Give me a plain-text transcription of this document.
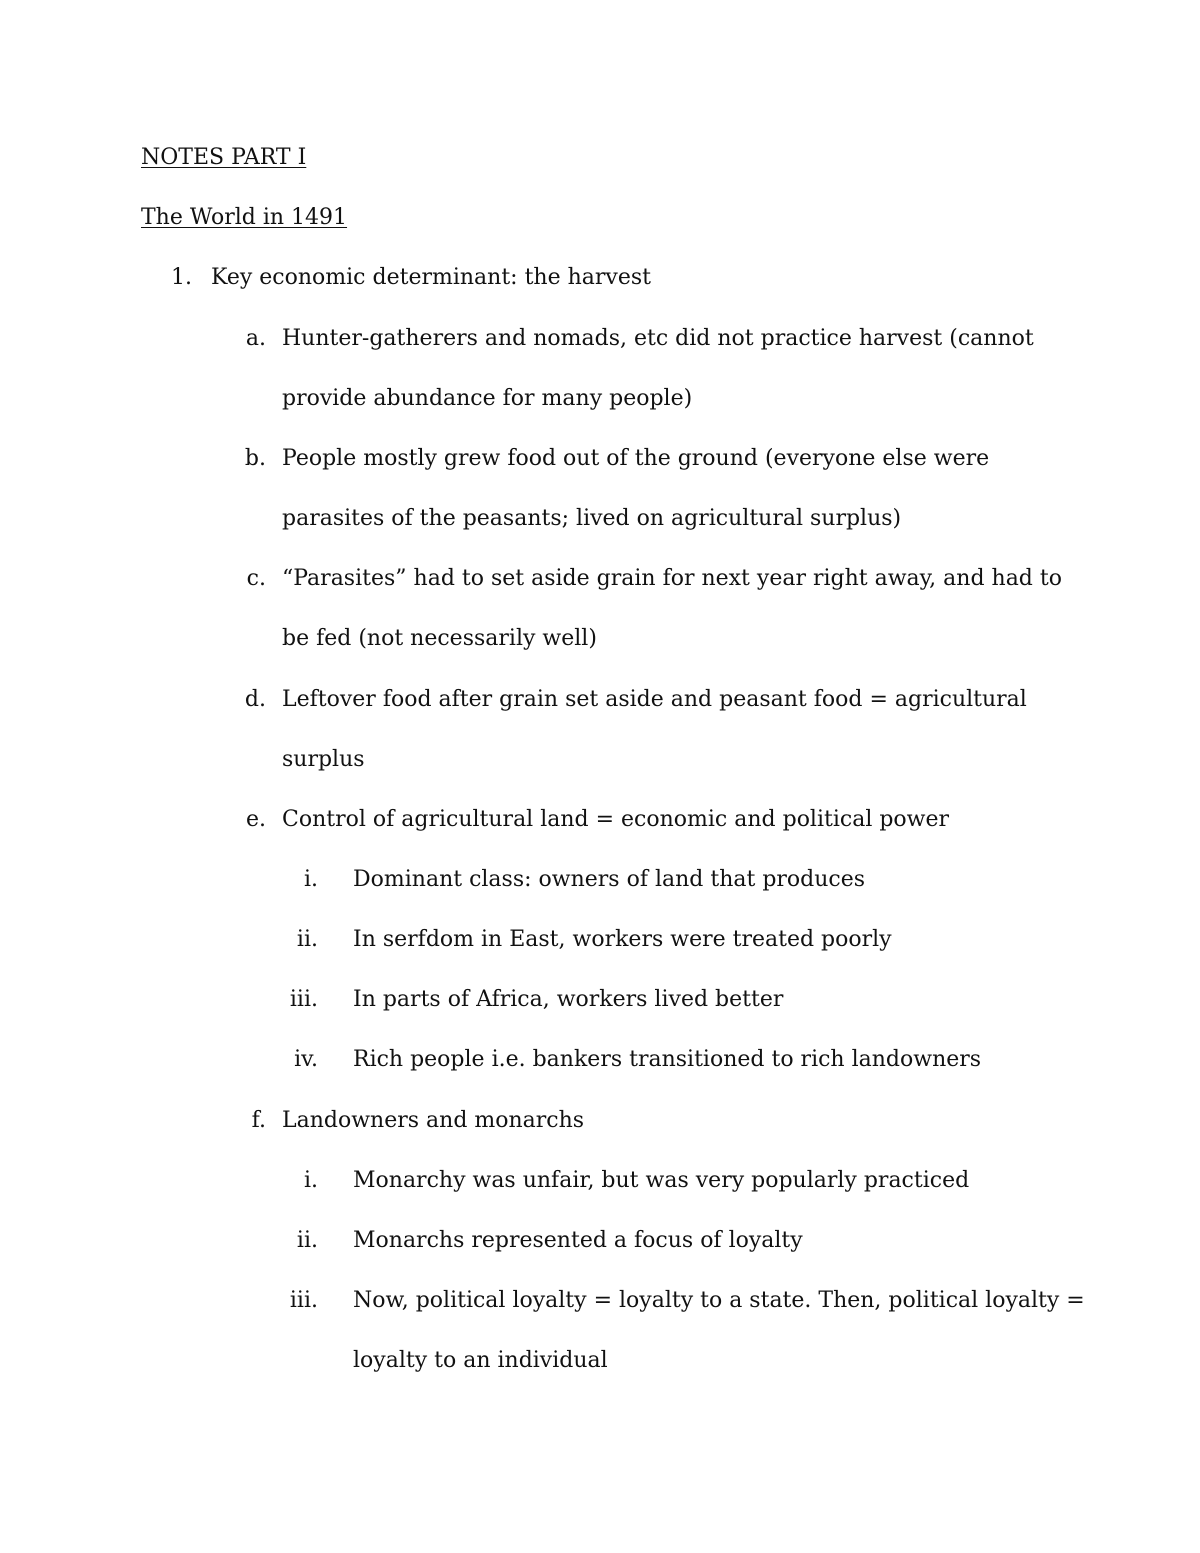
NOTES PART I
The World in 1491
1. Key economic determinant: the harvest
a. Hunter-gatherers and nomads, etc did not practice harvest (cannot
provide abundance for many people)
b. People mostly grew food out of the ground (everyone else were
parasites of the peasants; lived on agricultural surplus)
c. “Parasites” had to set aside grain for next year right away, and had to
be fed (not necessarily well)
d. Leftover food after grain set aside and peasant food = agricultural
surplus
e. Control of agricultural land = economic and political power
i. Dominant class: owners of land that produces
ii. In serfdom in East, workers were treated poorly
iii. In parts of Africa, workers lived better
iv. Rich people i.e. bankers transitioned to rich landowners
f. Landowners and monarchs
i. Monarchy was unfair, but was very popularly practiced
ii. Monarchs represented a focus of loyalty
iii. Now, political loyalty = loyalty to a state. Then, political loyalty =
loyalty to an individual
